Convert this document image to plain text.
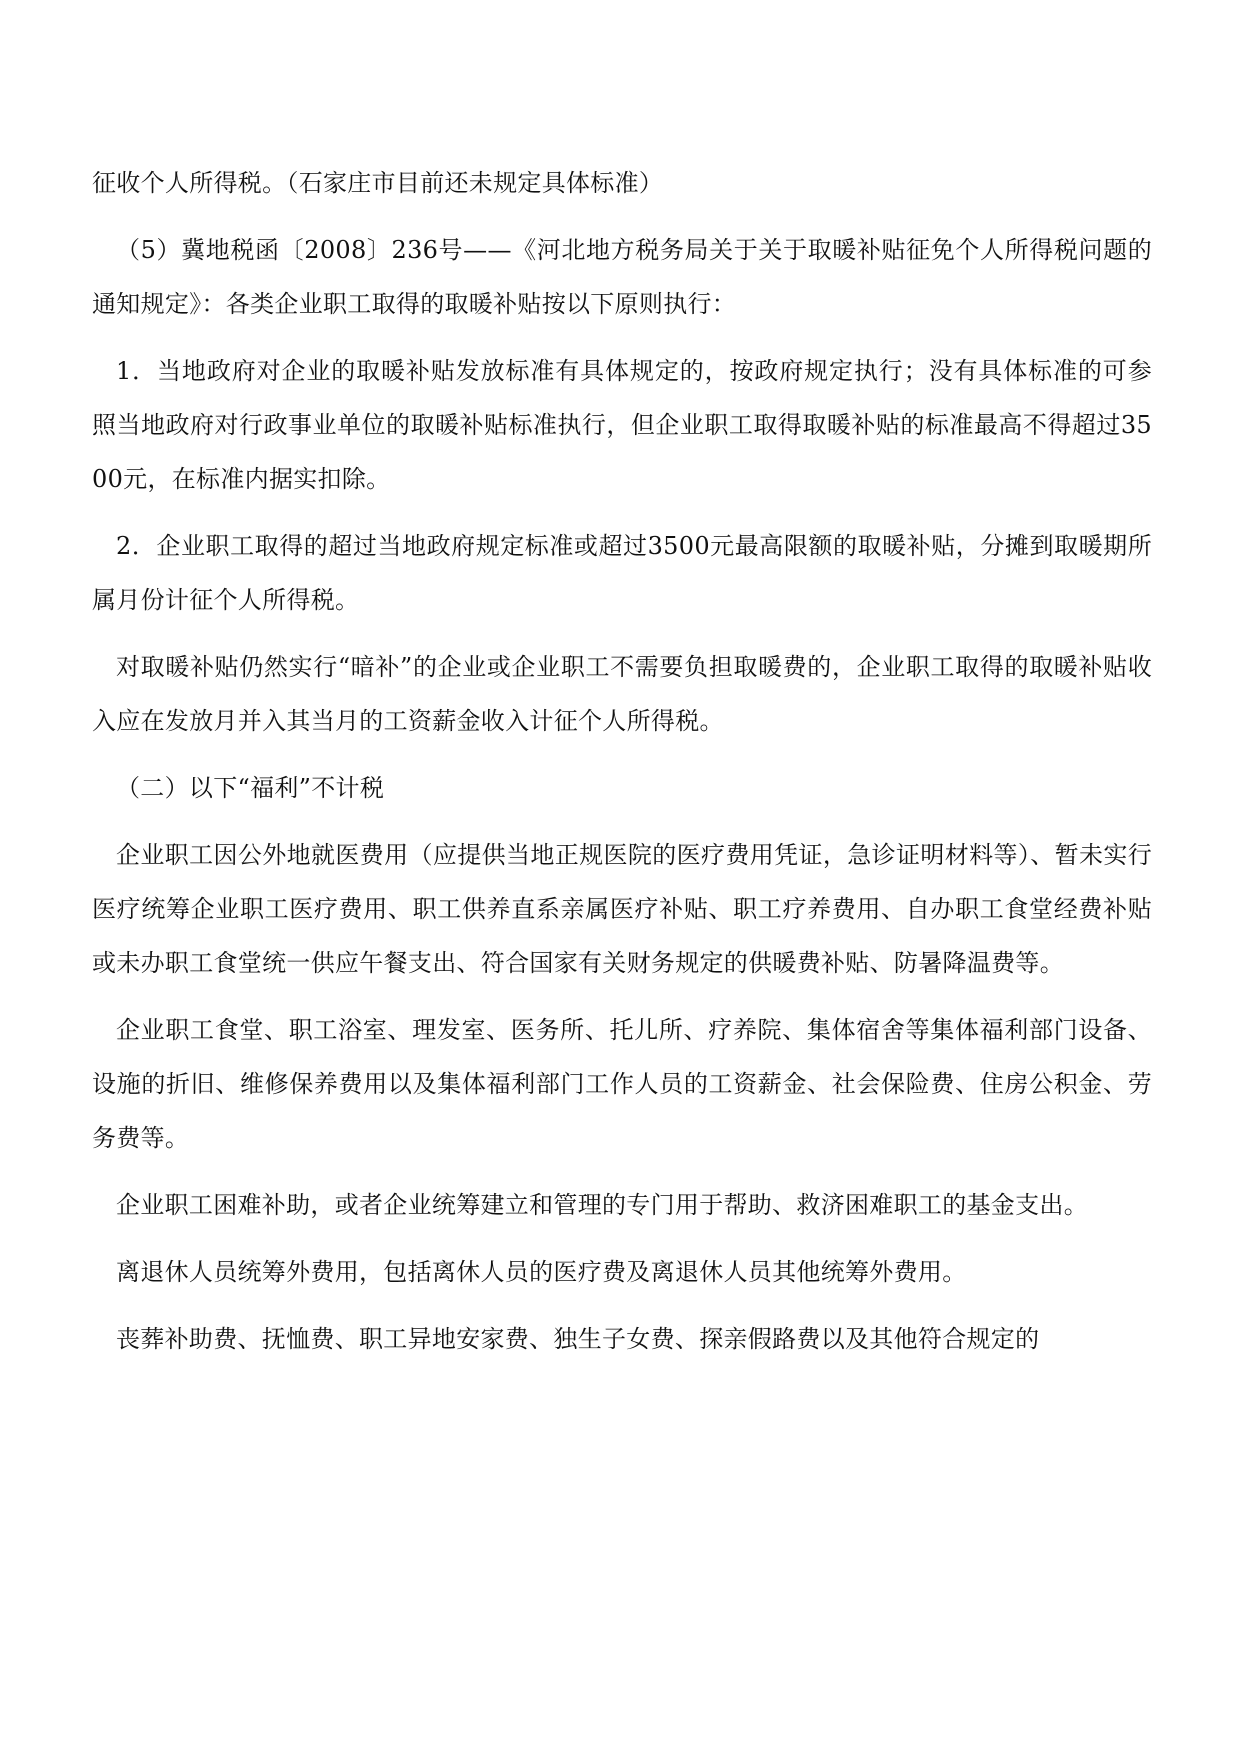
征收个人所得税。（石家庄市目前还未规定具体标准）

（5）冀地税函〔2008〕236号——《河北地方税务局关于关于取暖补贴征免个人所得税问题的通知规定》：各类企业职工取得的取暖补贴按以下原则执行：

1．当地政府对企业的取暖补贴发放标准有具体规定的，按政府规定执行；没有具体标准的可参照当地政府对行政事业单位的取暖补贴标准执行，但企业职工取得取暖补贴的标准最高不得超过3500元，在标准内据实扣除。

2．企业职工取得的超过当地政府规定标准或超过3500元最高限额的取暖补贴，分摊到取暖期所属月份计征个人所得税。

对取暖补贴仍然实行“暗补”的企业或企业职工不需要负担取暖费的，企业职工取得的取暖补贴收入应在发放月并入其当月的工资薪金收入计征个人所得税。

（二）以下“福利”不计税

企业职工因公外地就医费用（应提供当地正规医院的医疗费用凭证，急诊证明材料等）、暂未实行医疗统筹企业职工医疗费用、职工供养直系亲属医疗补贴、职工疗养费用、自办职工食堂经费补贴或未办职工食堂统一供应午餐支出、符合国家有关财务规定的供暖费补贴、防暑降温费等。

企业职工食堂、职工浴室、理发室、医务所、托儿所、疗养院、集体宿舍等集体福利部门设备、设施的折旧、维修保养费用以及集体福利部门工作人员的工资薪金、社会保险费、住房公积金、劳务费等。

企业职工困难补助，或者企业统筹建立和管理的专门用于帮助、救济困难职工的基金支出。

离退休人员统筹外费用，包括离休人员的医疗费及离退休人员其他统筹外费用。

丧葬补助费、抚恤费、职工异地安家费、独生子女费、探亲假路费以及其他符合规定的
